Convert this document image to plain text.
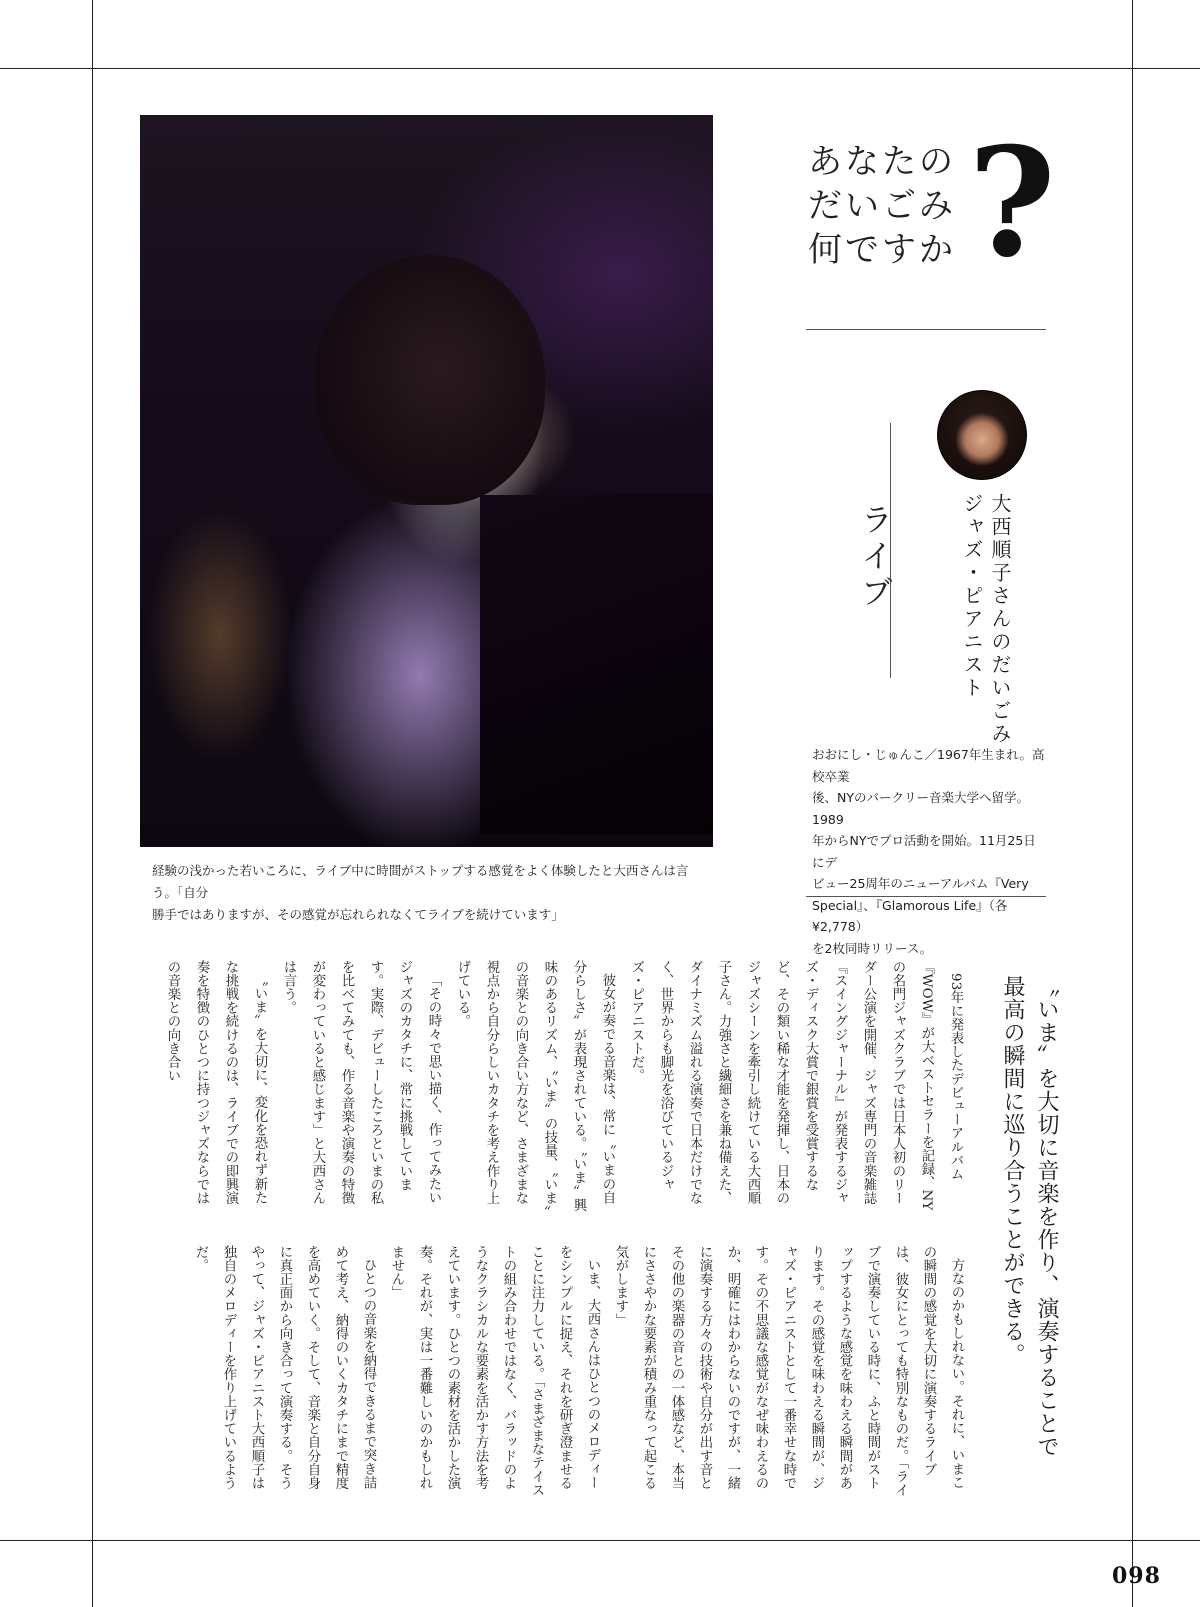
経験の浅かった若いころに、ライブ中に時間がストップする感覚をよく体験したと大西さんは言う。「自分
勝手ではありますが、その感覚が忘れられなくてライブを続けています」
あなたの
だいごみ
何ですか ?
ライブ	ジャズ・ピアニスト 大西順子さんのだいごみ
おおにし・じゅんこ／1967年生まれ。高校卒業
後、NYのバークリー音楽大学へ留学。1989
年からNYでプロ活動を開始。11月25日にデ
ビュー25周年のニューアルバム『Very
Special』、『Glamorous Life』（各¥2,778）
を2枚同時リリース。
〝いま〟を大切に音楽を作り、演奏することで
最高の瞬間に巡り合うことができる。

93年に発表したデビューアルバム『WOW』が大ベストセラーを記録、NYの名門ジャズクラブでは日本人初のリーダー公演を開催、ジャズ専門の音楽雑誌『スイングジャーナル』が発表するジャズ・ディスク大賞で銀賞を受賞するなど、その類い稀な才能を発揮し、日本のジャズシーンを牽引し続けている大西順子さん。力強さと繊細さを兼ね備えた、ダイナミズム溢れる演奏で日本だけでなく、世界からも脚光を浴びているジャズ・ピアニストだ。

彼女が奏でる音楽は、常に〝いまの自分らしさ〟が表現されている。〝いま〟興味のあるリズム、〝いま〟の技量、〝いま〟の音楽との向き合い方など、さまざまな視点から自分らしいカタチを考え作り上げている。

「その時々で思い描く、作ってみたいジャズのカタチに、常に挑戦しています。実際、デビューしたころといまの私を比べてみても、作る音楽や演奏の特徴が変わっていると感じます」と大西さんは言う。

〝いま〟を大切に、変化を恐れず新たな挑戦を続けるのは、ライブでの即興演奏を特徴のひとつに持つジャズならではの音楽との向き合い

方なのかもしれない。それに、いまこの瞬間の感覚を大切に演奏するライブは、彼女にとっても特別なものだ。「ライブで演奏している時に、ふと時間がストップするような感覚を味わえる瞬間があります。その感覚を味わえる瞬間が、ジャズ・ピアニストとして一番幸せな時です。その不思議な感覚がなぜ味わえるのか、明確にはわからないのですが、一緒に演奏する方々の技術や自分が出す音とその他の楽器の音との一体感など、本当にささやかな要素が積み重なって起こる気がします」

いま、大西さんはひとつのメロディーをシンプルに捉え、それを研ぎ澄ませることに注力している。「さまざまなテイストの組み合わせではなく、バラッドのようなクラシカルな要素を活かす方法を考えています。ひとつの素材を活かした演奏。それが、実は一番難しいのかもしれません」

ひとつの音楽を納得できるまで突き詰めて考え、納得のいくカタチにまで精度を高めていく。そして、音楽と自分自身に真正面から向き合って演奏する。そうやって、ジャズ・ピアニスト大西順子は独自のメロディーを作り上げているようだ。

098
